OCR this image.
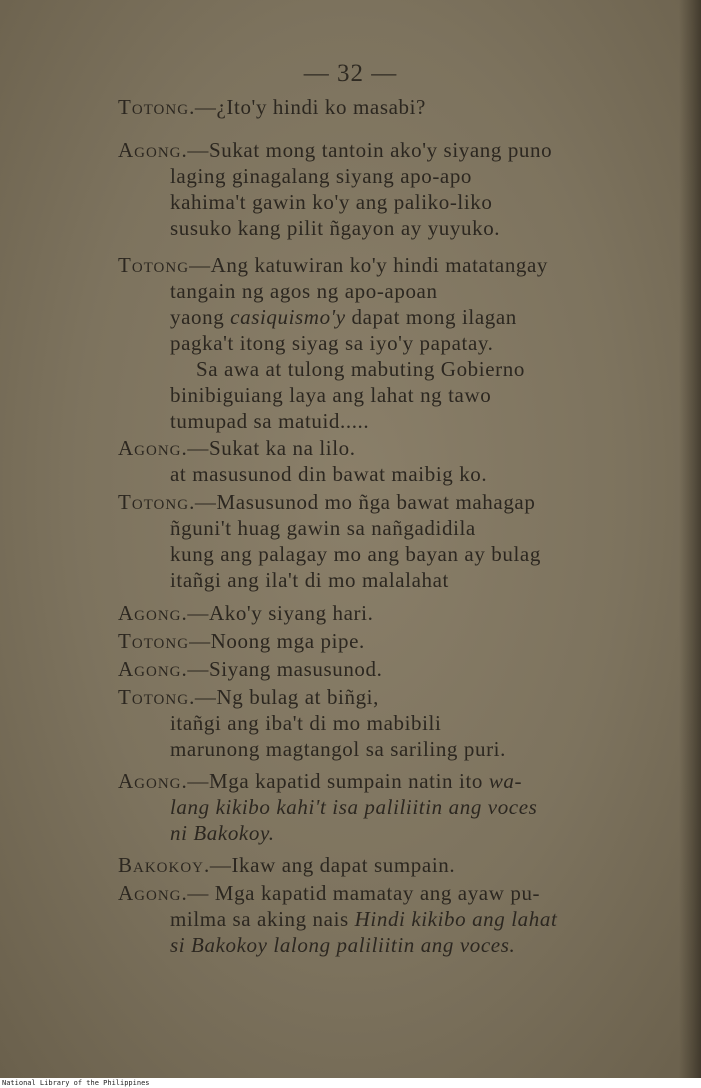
— 32 —
Totong.—¿Ito'y hindi ko masabi?
Agong.—Sukat mong tantoin ako'y siyang puno
laging ginagalang siyang apo-apo
kahima't gawin ko'y ang paliko-liko
susuko kang pilit ñgayon ay yuyuko.
Totong—Ang katuwiran ko'y hindi matatangay
tangain ng agos ng apo-apoan
yaong casiquismo'y dapat mong ilagan
pagka't itong siyag sa iyo'y papatay.
Sa awa at tulong mabuting Gobierno
binibiguiang laya ang lahat ng tawo
tumupad sa matuid.....
Agong.—Sukat ka na lilo.
at masusunod din bawat maibig ko.
Totong.—Masusunod mo ñga bawat mahagap
ñguni't huag gawin sa nañgadidila
kung ang palagay mo ang bayan ay bulag
itañgi ang ila't di mo malalahat
Agong.—Ako'y siyang hari.
Totong—Noong mga pipe.
Agong.—Siyang masusunod.
Totong.—Ng bulag at biñgi,
itañgi ang iba't di mo mabibili
marunong magtangol sa sariling puri.
Agong.—Mga kapatid sumpain natin ito wa-
lang kikibo kahi't isa paliliitin ang voces
ni Bakokoy.
Bakokoy.—Ikaw ang dapat sumpain.
Agong.— Mga kapatid mamatay ang ayaw pu-
milma sa aking nais Hindi kikibo ang lahat
si Bakokoy lalong paliliitin ang voces.
National Library of the Philippines
